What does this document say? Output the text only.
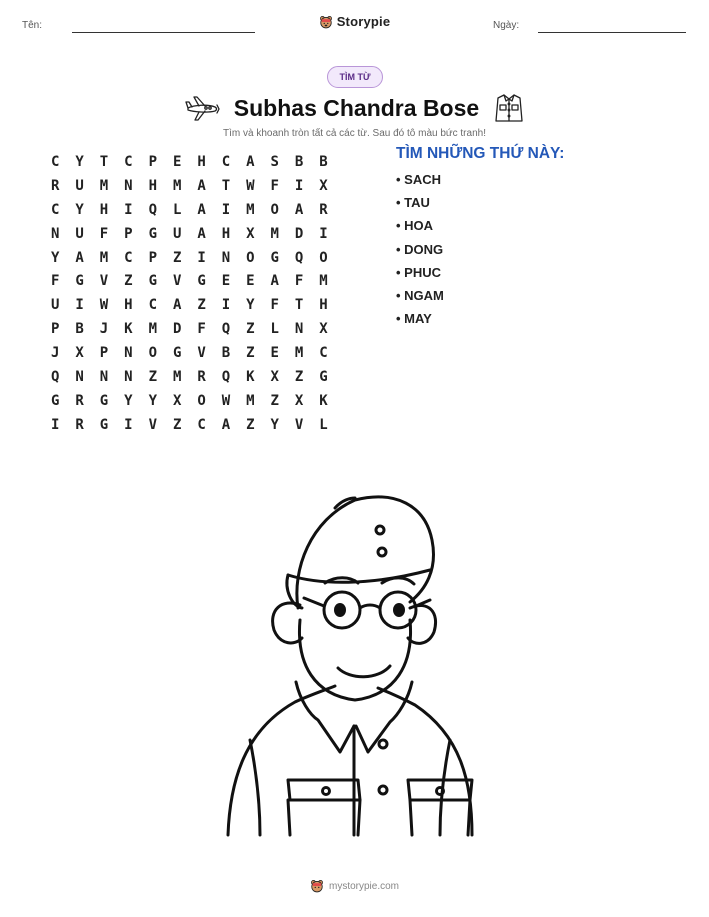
Tên:	Ngày:
Storypie
TÌM TỪ
Subhas Chandra Bose
Tìm và khoanh tròn tất cả các từ. Sau đó tô màu bức tranh!
C	Y	T	C	P	E	H	C	A	S	B	B
R	U	M	N	H	M	A	T	W	F	I	X
C	Y	H	I	Q	L	A	I	M	O	A	R
N	U	F	P	G	U	A	H	X	M	D	I
Y	A	M	C	P	Z	I	N	O	G	Q	O
F	G	V	Z	G	V	G	E	E	A	F	M
U	I	W	H	C	A	Z	I	Y	F	T	H
P	B	J	K	M	D	F	Q	Z	L	N	X
J	X	P	N	O	G	V	B	Z	E	M	C
Q	N	N	N	Z	M	R	Q	K	X	Z	G
G	R	G	Y	Y	X	O	W	M	Z	X	K
I	R	G	I	V	Z	C	A	Z	Y	V	L
TÌM NHỮNG THỨ NÀY:
• SACH
• TAU
• HOA
• DONG
• PHUC
• NGAM
• MAY
mystorypie.com
